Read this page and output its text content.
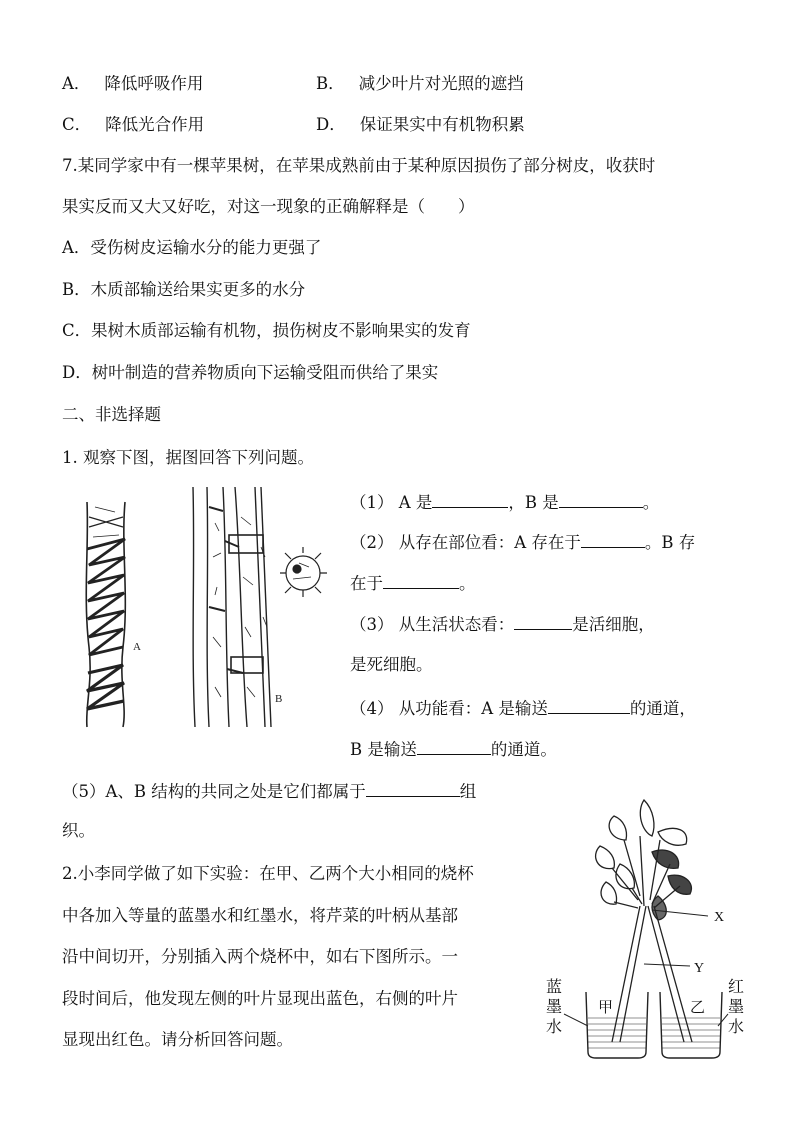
A． 降低呼吸作用	B． 减少叶片对光照的遮挡
C． 降低光合作用	D． 保证果实中有机物积累
7.某同学家中有一棵苹果树，在苹果成熟前由于某种原因损伤了部分树皮，收获时
果实反而又大又好吃，对这一现象的正确解释是（　　）
A．受伤树皮运输水分的能力更强了
B．木质部输送给果实更多的水分
C．果树木质部运输有机物，损伤树皮不影响果实的发育
D．树叶制造的营养物质向下运输受阻而供给了果实
二、非选择题
1. 观察下图，据图回答下列问题。
A
B
（1） A 是	，B 是	。
（2） 从存在部位看：A 存在于	。B 存
在于	。
（3） 从生活状态看：	是活细胞，
是死细胞。
（4） 从功能看：A 是输送	的通道，
B 是输送	的通道。
（5）A、B 结构的共同之处是它们都属于	组
织。
2.小李同学做了如下实验：在甲、乙两个大小相同的烧杯
中各加入等量的蓝墨水和红墨水，将芹菜的叶柄从基部
沿中间切开，分别插入两个烧杯中，如右下图所示。一
段时间后，他发现左侧的叶片显现出蓝色，右侧的叶片
显现出红色。请分析回答问题。
X
Y
甲	乙
蓝
墨
水
红
墨
水
